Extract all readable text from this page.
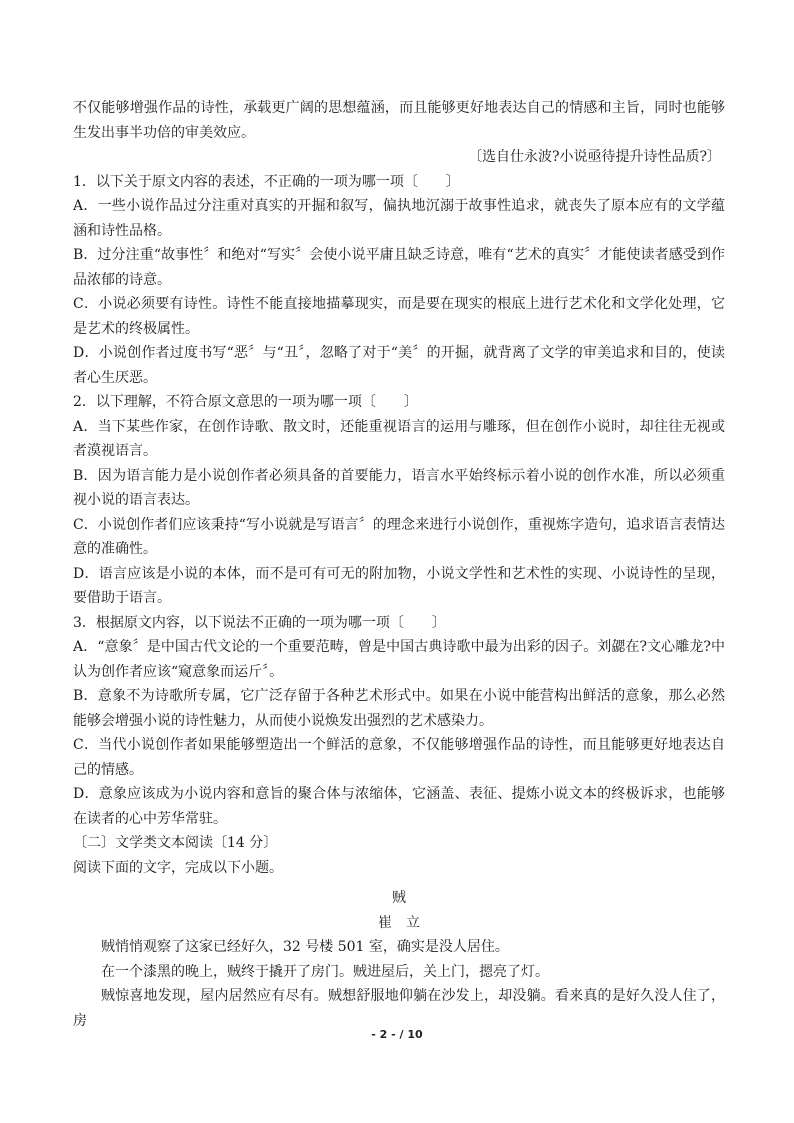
不仅能够增强作品的诗性，承载更广阔的思想蕴涵，而且能够更好地表达自己的情感和主旨，同时也能够生发出事半功倍的审美效应。

〔选自仕永波?小说亟待提升诗性品质?〕

1．以下关于原文内容的表述，不正确的一项为哪一项〔　　〕

A．一些小说作品过分注重对真实的开掘和叙写，偏执地沉溺于故事性追求，就丧失了原本应有的文学蕴涵和诗性品格。

B．过分注重“故事性〞和绝对“写实〞会使小说平庸且缺乏诗意，唯有“艺术的真实〞才能使读者感受到作品浓郁的诗意。

C．小说必须要有诗性。诗性不能直接地描摹现实，而是要在现实的根底上进行艺术化和文学化处理，它是艺术的终极属性。

D．小说创作者过度书写“恶〞与“丑〞，忽略了对于“美〞的开掘，就背离了文学的审美追求和目的，使读者心生厌恶。

2．以下理解，不符合原文意思的一项为哪一项〔　　〕

A．当下某些作家，在创作诗歌、散文时，还能重视语言的运用与雕琢，但在创作小说时，却往往无视或者漠视语言。

B．因为语言能力是小说创作者必须具备的首要能力，语言水平始终标示着小说的创作水准，所以必须重视小说的语言表达。

C．小说创作者们应该秉持“写小说就是写语言〞的理念来进行小说创作，重视炼字造句，追求语言表情达意的准确性。

D．语言应该是小说的本体，而不是可有可无的附加物，小说文学性和艺术性的实现、小说诗性的呈现，要借助于语言。

3．根据原文内容，以下说法不正确的一项为哪一项〔　　〕

A．“意象〞是中国古代文论的一个重要范畴，曾是中国古典诗歌中最为出彩的因子。刘勰在?文心雕龙?中认为创作者应该“窥意象而运斤〞。

B．意象不为诗歌所专属，它广泛存留于各种艺术形式中。如果在小说中能营构出鲜活的意象，那么必然能够会增强小说的诗性魅力，从而使小说焕发出强烈的艺术感染力。

C．当代小说创作者如果能够塑造出一个鲜活的意象，不仅能够增强作品的诗性，而且能够更好地表达自己的情感。

D．意象应该成为小说内容和意旨的聚合体与浓缩体，它涵盖、表征、提炼小说文本的终极诉求，也能够在读者的心中芳华常驻。

〔二〕文学类文本阅读〔14 分〕

阅读下面的文字，完成以下小题。

贼

崔　立

贼悄悄观察了这家已经好久，32 号楼 501 室，确实是没人居住。

在一个漆黑的晚上，贼终于撬开了房门。贼进屋后，关上门，摁亮了灯。

贼惊喜地发现，屋内居然应有尽有。贼想舒服地仰躺在沙发上，却没躺。看来真的是好久没人住了，房

- 2 - / 10
